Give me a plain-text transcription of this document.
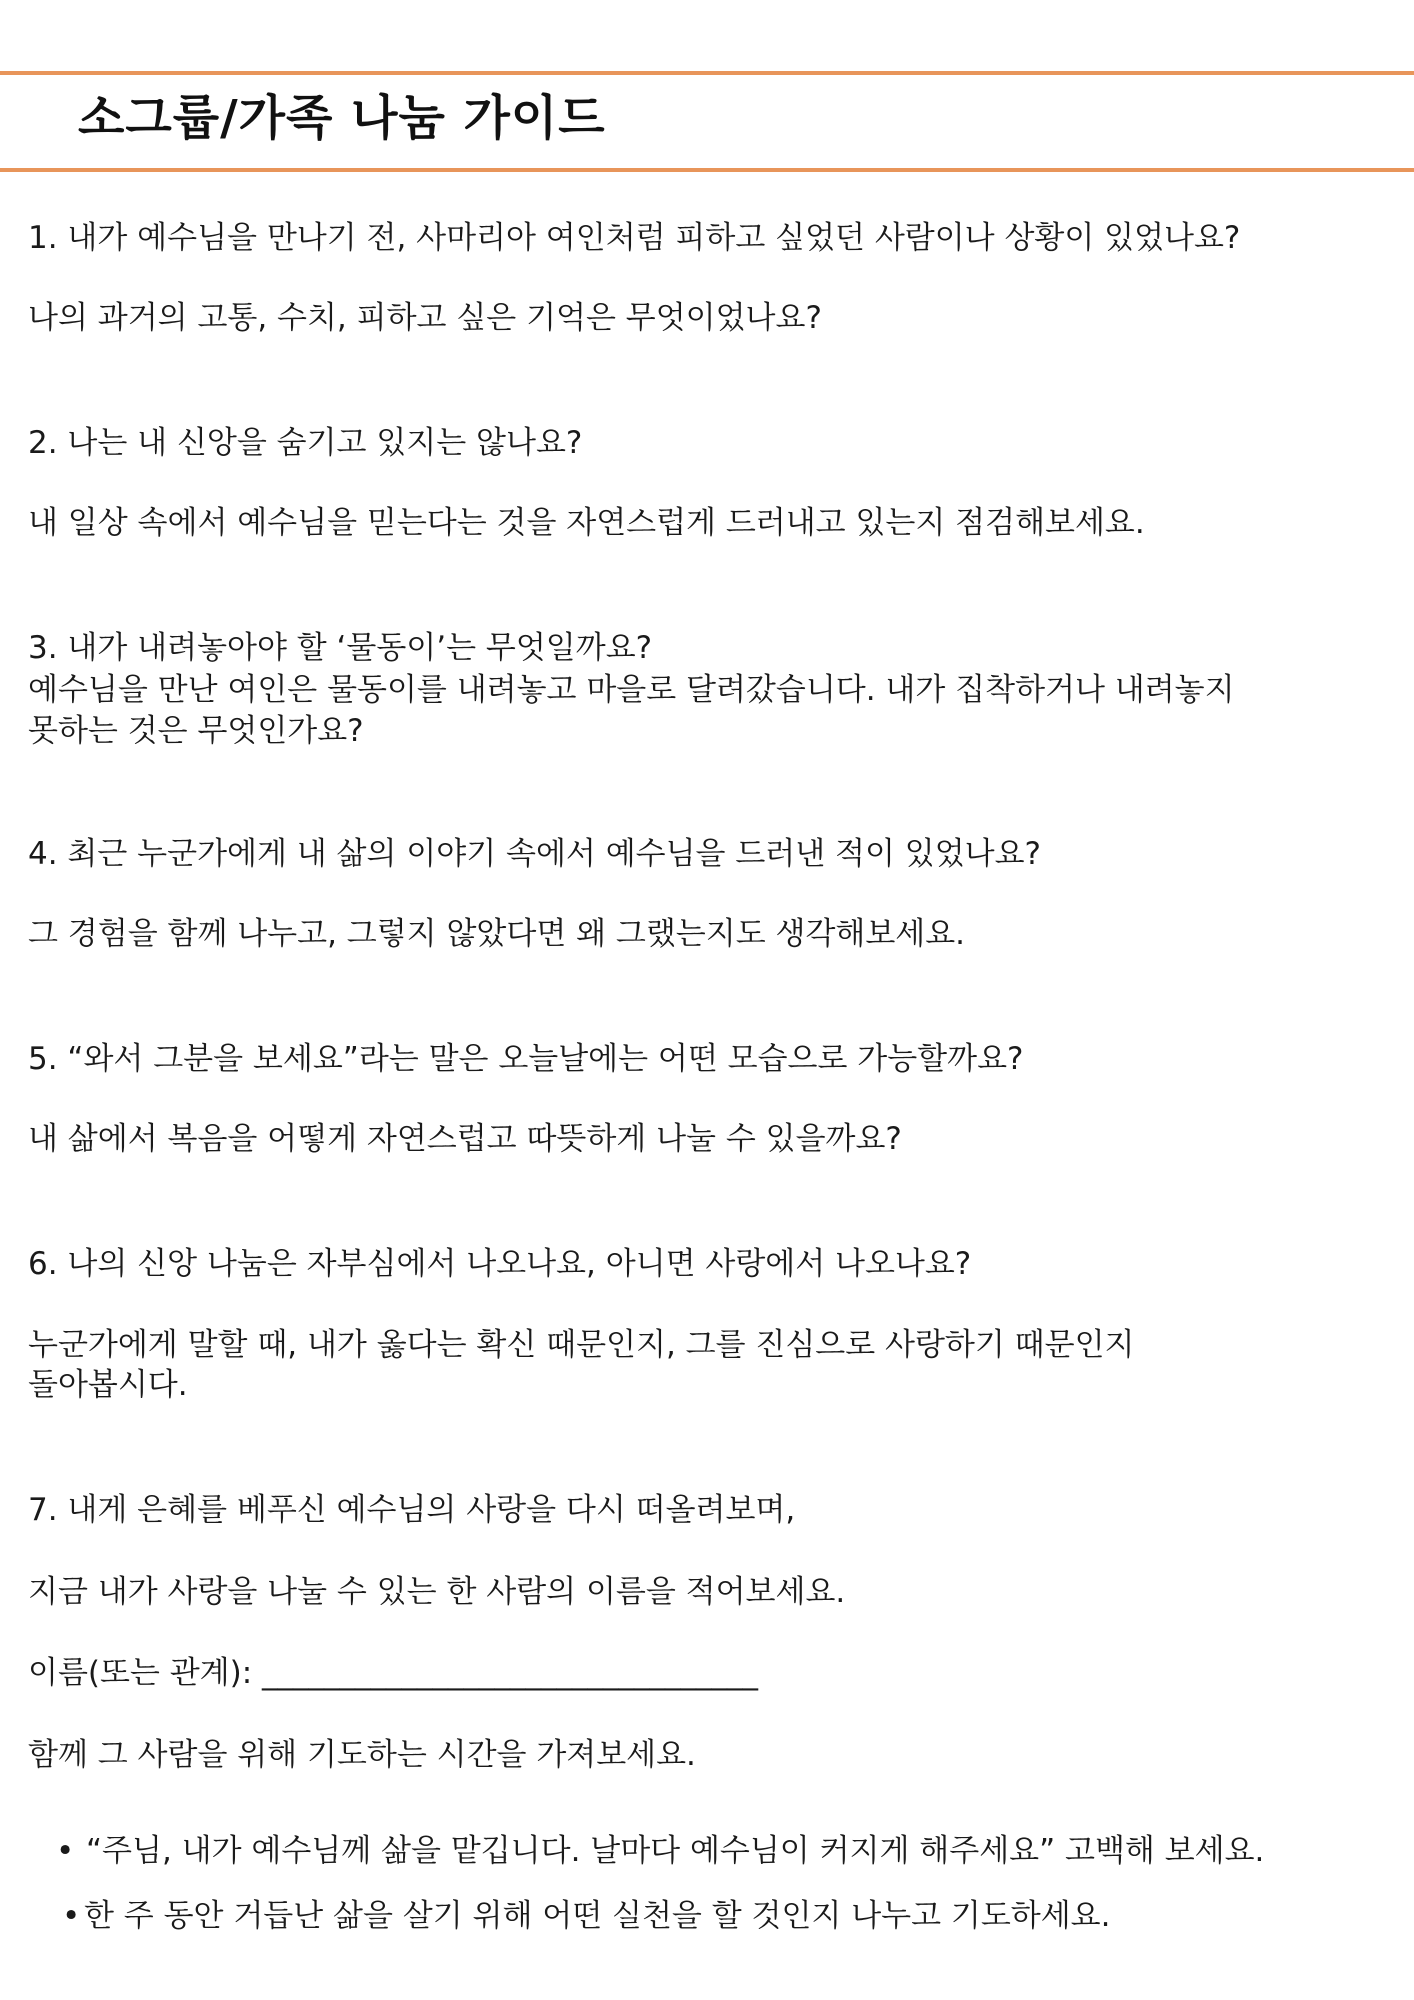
소그룹/가족 나눔 가이드
1. 내가 예수님을 만나기 전, 사마리아 여인처럼 피하고 싶었던 사람이나 상황이 있었나요?
나의 과거의 고통, 수치, 피하고 싶은 기억은 무엇이었나요?
2. 나는 내 신앙을 숨기고 있지는 않나요?
내 일상 속에서 예수님을 믿는다는 것을 자연스럽게 드러내고 있는지 점검해보세요.
3. 내가 내려놓아야 할 ‘물동이’는 무엇일까요?
예수님을 만난 여인은 물동이를 내려놓고 마을로 달려갔습니다. 내가 집착하거나 내려놓지
못하는 것은 무엇인가요?
4. 최근 누군가에게 내 삶의 이야기 속에서 예수님을 드러낸 적이 있었나요?
그 경험을 함께 나누고, 그렇지 않았다면 왜 그랬는지도 생각해보세요.
5. “와서 그분을 보세요”라는 말은 오늘날에는 어떤 모습으로 가능할까요?
내 삶에서 복음을 어떻게 자연스럽고 따뜻하게 나눌 수 있을까요?
6. 나의 신앙 나눔은 자부심에서 나오나요, 아니면 사랑에서 나오나요?
누군가에게 말할 때, 내가 옳다는 확신 때문인지, 그를 진심으로 사랑하기 때문인지
돌아봅시다.
7. 내게 은혜를 베푸신 예수님의 사랑을 다시 떠올려보며,
지금 내가 사랑을 나눌 수 있는 한 사람의 이름을 적어보세요.
이름(또는 관계): ________________________________
함께 그 사람을 위해 기도하는 시간을 가져보세요.
• “주님, 내가 예수님께 삶을 맡깁니다. 날마다 예수님이 커지게 해주세요” 고백해 보세요.
• 한 주 동안 거듭난 삶을 살기 위해 어떤 실천을 할 것인지 나누고 기도하세요.
